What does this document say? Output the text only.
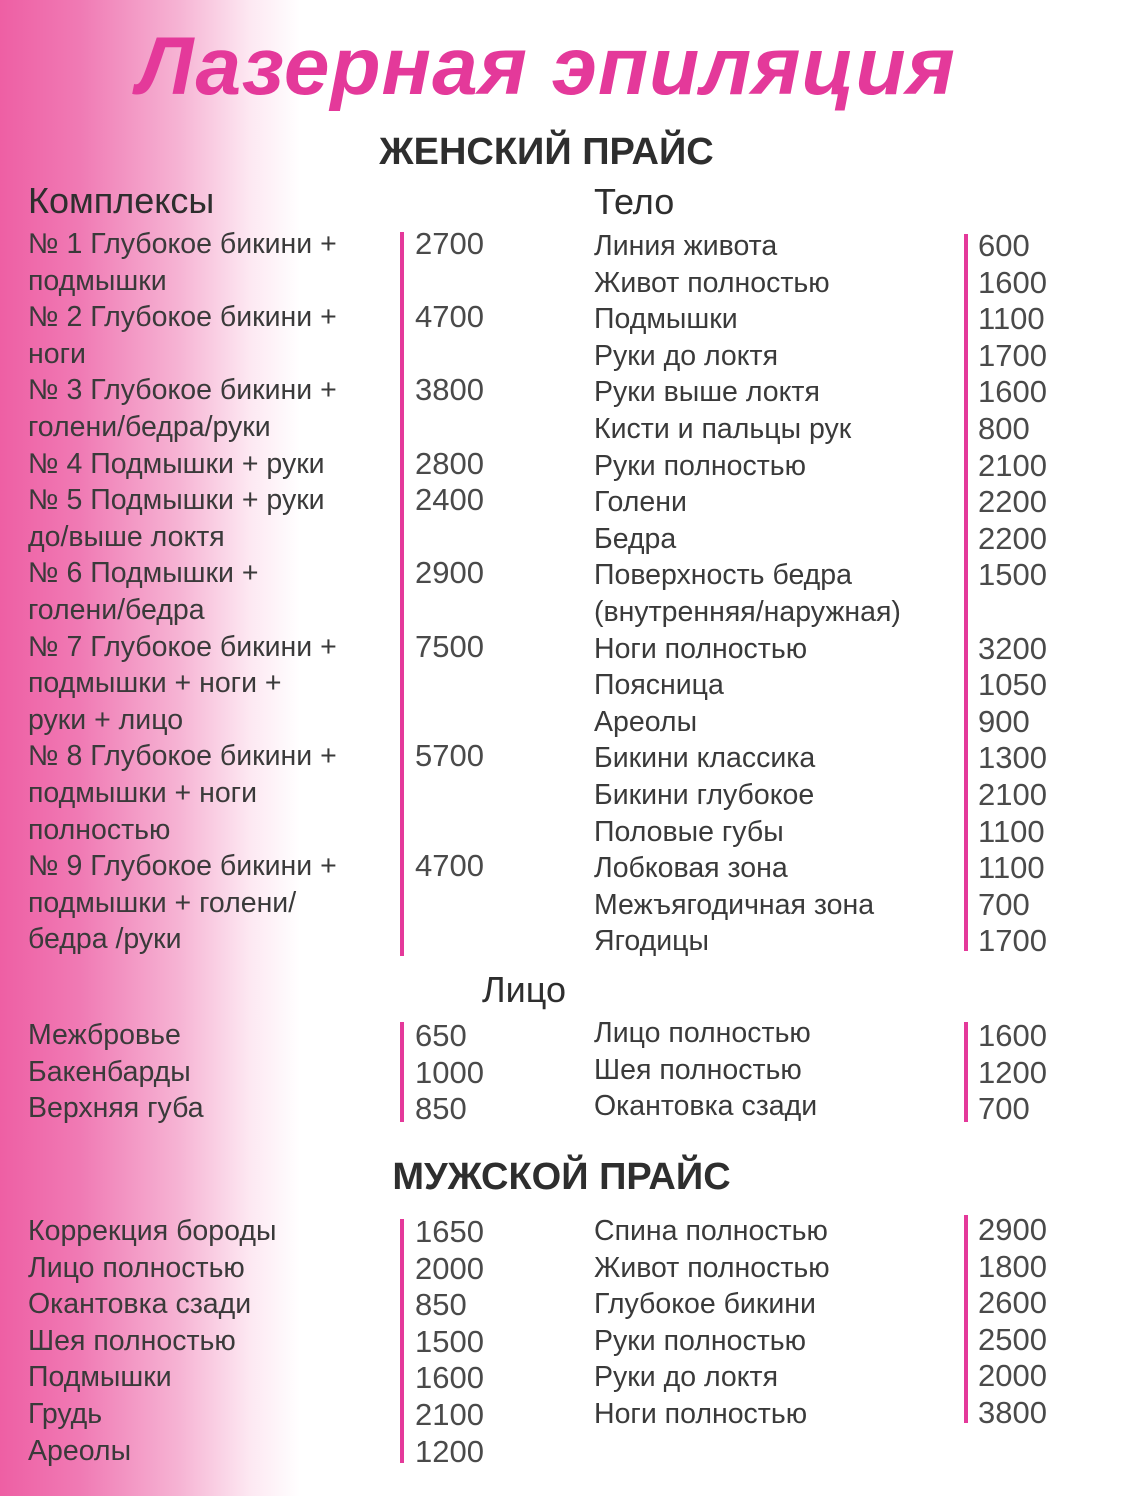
Лазерная эпиляция
ЖЕНСКИЙ ПРАЙС
Комплексы	Тело
№ 1 Глубокое бикини +
подмышки
№ 2 Глубокое бикини +
ноги
№ 3 Глубокое бикини +
голени/бедра/руки
№ 4 Подмышки + руки
№ 5 Подмышки + руки
до/выше локтя
№ 6 Подмышки +
голени/бедра
№ 7 Глубокое бикини +
подмышки + ноги +
руки + лицо
№ 8 Глубокое бикини +
подмышки + ноги
полностью
№ 9 Глубокое бикини +
подмышки + голени/
бедра /руки
2700
4700
3800
2800
2400
2900
7500
5700
4700
Линия живота
Живот полностью
Подмышки
Руки до локтя
Руки выше локтя
Кисти и пальцы рук
Руки полностью
Голени
Бедра
Поверхность бедра
(внутренняя/наружная)
Ноги полностью
Поясница
Ареолы
Бикини классика
Бикини глубокое
Половые губы
Лобковая зона
Межъягодичная зона
Ягодицы
600
1600
1100
1700
1600
800
2100
2200
2200
1500
3200
1050
900
1300
2100
1100
1100
700
1700
Лицо
Межбровье
Бакенбарды
Верхняя губа
650
1000
850
Лицо полностью
Шея полностью
Окантовка сзади
1600
1200
700
МУЖСКОЙ ПРАЙС
Коррекция бороды
Лицо полностью
Окантовка сзади
Шея полностью
Подмышки
Грудь
Ареолы
1650
2000
850
1500
1600
2100
1200
Спина полностью
Живот полностью
Глубокое бикини
Руки полностью
Руки до локтя
Ноги полностью
2900
1800
2600
2500
2000
3800
